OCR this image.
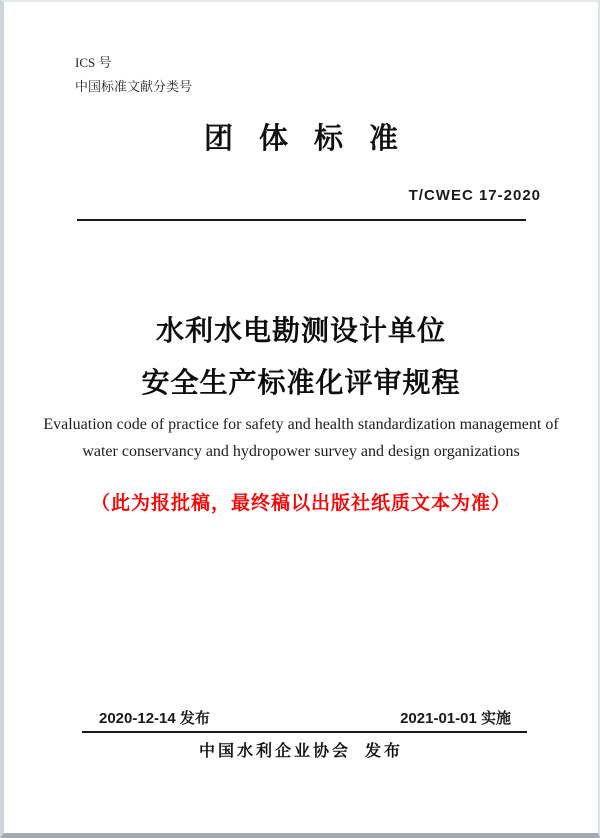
ICS 号
中国标准文献分类号
团体标准
T/CWEC 17-2020
水利水电勘测设计单位
安全生产标准化评审规程
Evaluation code of practice for safety and health standardization management of
water conservancy and hydropower survey and design organizations
（此为报批稿，最终稿以出版社纸质文本为准）
2020-12-14 发布	2021-01-01 实施
中国水利企业协会 发布
